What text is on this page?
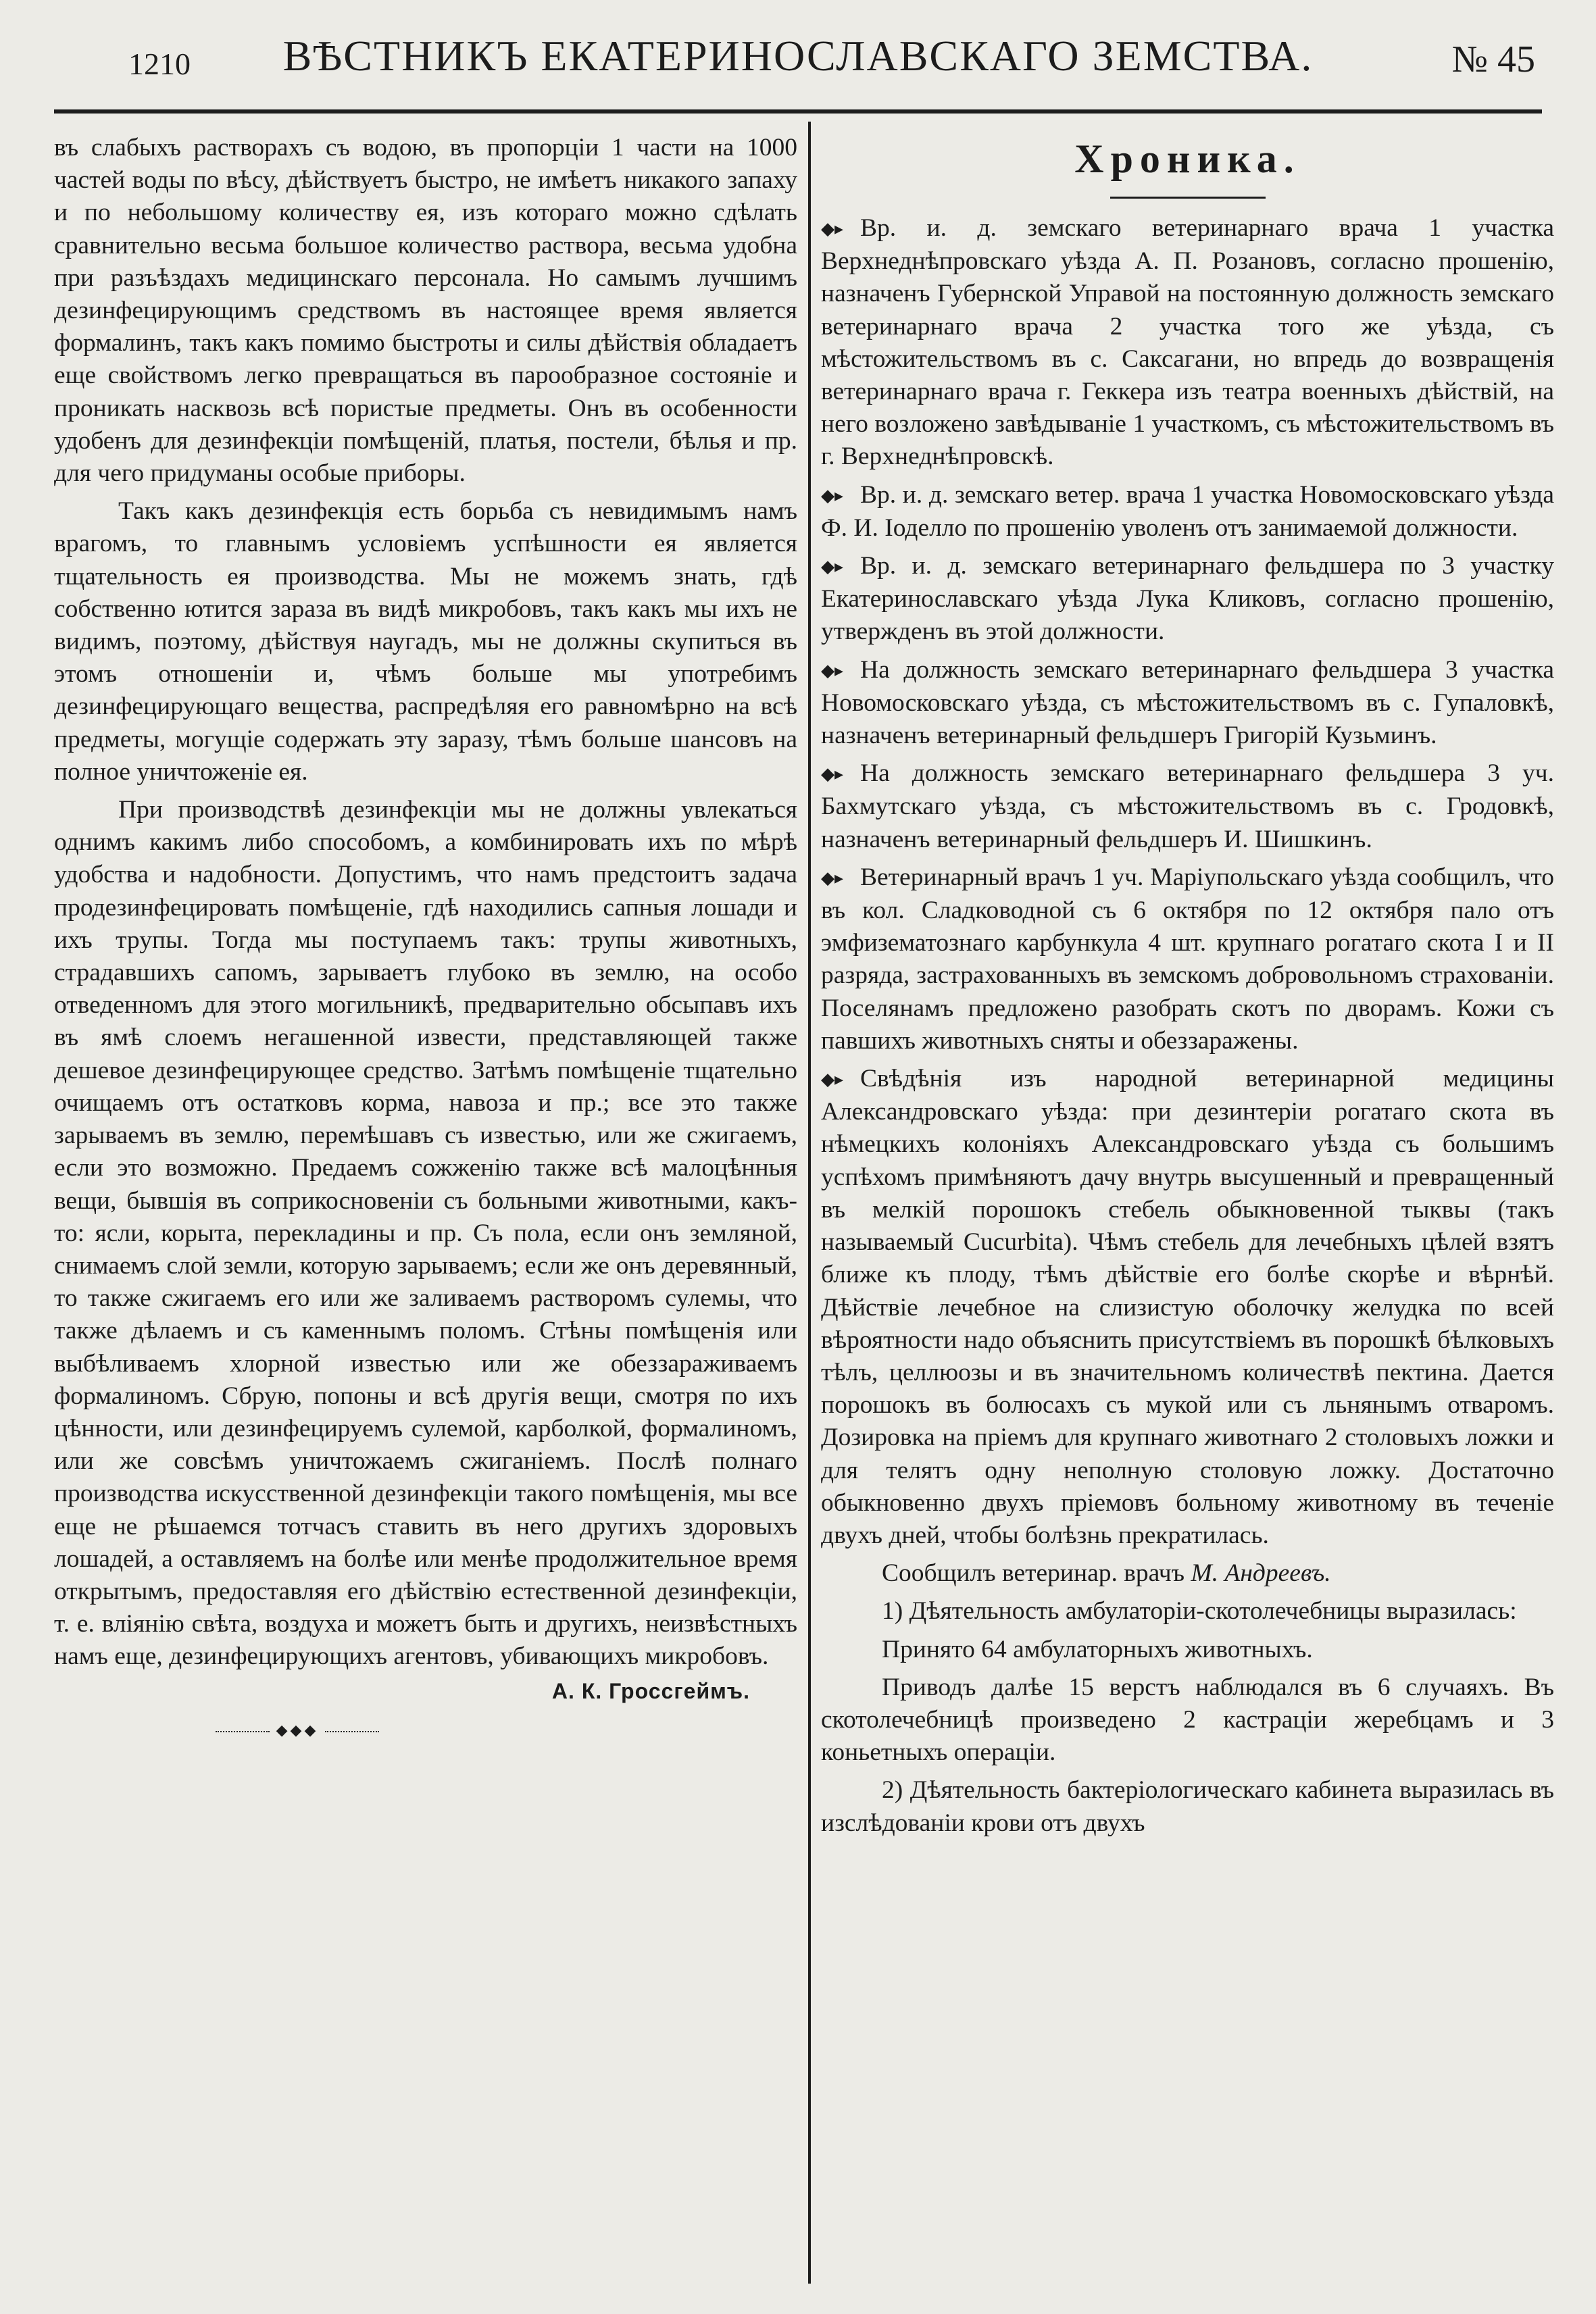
1210	ВѢСТНИКЪ ЕКАТЕРИНОСЛАВСКАГО ЗЕМСТВА.	№ 45

въ слабыхъ растворахъ съ водою, въ пропорціи 1 части на 1000 частей воды по вѣсу, дѣйствуетъ быстро, не имѣетъ никакого запаху и по небольшому количеству ея, изъ котораго можно сдѣлать сравнительно весьма большое количество раствора, весьма удобна при разъѣздахъ медицинскаго персонала. Но самымъ лучшимъ дезинфецирующимъ средствомъ въ настоящее время является формалинъ, такъ какъ помимо быстроты и силы дѣйствія обладаетъ еще свойствомъ легко превращаться въ парообразное состояніе и проникать насквозь всѣ пористые предметы. Онъ въ особенности удобенъ для дезинфекціи помѣщеній, платья, постели, бѣлья и пр. для чего придуманы особые приборы.

Такъ какъ дезинфекція есть борьба съ невидимымъ намъ врагомъ, то главнымъ условіемъ успѣшности ея является тщательность ея производства. Мы не можемъ знать, гдѣ собственно ютится зараза въ видѣ микробовъ, такъ какъ мы ихъ не видимъ, поэтому, дѣйствуя наугадъ, мы не должны скупиться въ этомъ отношеніи и, чѣмъ больше мы употребимъ дезинфецирующаго вещества, распредѣляя его равномѣрно на всѣ предметы, могущіе содержать эту заразу, тѣмъ больше шансовъ на полное уничтоженіе ея.

При производствѣ дезинфекціи мы не должны увлекаться однимъ какимъ либо способомъ, а комбинировать ихъ по мѣрѣ удобства и надобности. Допустимъ, что намъ предстоитъ задача продезинфецировать помѣщеніе, гдѣ находились сапныя лошади и ихъ трупы. Тогда мы поступаемъ такъ: трупы животныхъ, страдавшихъ сапомъ, зарываетъ глубоко въ землю, на особо отведенномъ для этого могильникѣ, предварительно обсыпавъ ихъ въ ямѣ слоемъ негашенной извести, представляющей также дешевое дезинфецирующее средство. Затѣмъ помѣщеніе тщательно очищаемъ отъ остатковъ корма, навоза и пр.; все это также зарываемъ въ землю, перемѣшавъ съ известью, или же сжигаемъ, если это возможно. Предаемъ сожженію также всѣ малоцѣнныя вещи, бывшія въ соприкосновеніи съ больными животными, какъ-то: ясли, корыта, перекладины и пр. Съ пола, если онъ земляной, снимаемъ слой земли, которую зарываемъ; если же онъ деревянный, то также сжигаемъ его или же заливаемъ растворомъ сулемы, что также дѣлаемъ и съ каменнымъ поломъ. Стѣны помѣщенія или выбѣливаемъ хлорной известью или же обеззараживаемъ формалиномъ. Сбрую, попоны и всѣ другія вещи, смотря по ихъ цѣнности, или дезинфецируемъ сулемой, карболкой, формалиномъ, или же совсѣмъ уничтожаемъ сжиганіемъ. Послѣ полнаго производства искусственной дезинфекціи такого помѣщенія, мы все еще не рѣшаемся тотчасъ ставить въ него другихъ здоровыхъ лошадей, а оставляемъ на болѣе или менѣе продолжительное время открытымъ, предоставляя его дѣйствію естественной дезинфекціи, т. е. вліянію свѣта, воздуха и можетъ быть и другихъ, неизвѣстныхъ намъ еще, дезинфецирующихъ агентовъ, убивающихъ микробовъ.

А. К. Гроссгеймъ.
◆◆◆
Хроника.

◆▸ Вр. и. д. земскаго ветеринарнаго врача 1 участка Верхнеднѣпровскаго уѣзда А. П. Розановъ, согласно прошенію, назначенъ Губернской Управой на постоянную должность земскаго ветеринарнаго врача 2 участка того же уѣзда, съ мѣстожительствомъ въ с. Саксагани, но впредь до возвращенія ветеринарнаго врача г. Геккера изъ театра военныхъ дѣйствій, на него возложено завѣдываніе 1 участкомъ, съ мѣстожительствомъ въ г. Верхнеднѣпровскѣ.

◆▸ Вр. и. д. земскаго ветер. врача 1 участка Новомосковскаго уѣзда Ф. И. Іоделло по прошенію уволенъ отъ занимаемой должности.

◆▸ Вр. и. д. земскаго ветеринарнаго фельдшера по 3 участку Екатеринославскаго уѣзда Лука Кликовъ, согласно прошенію, утвержденъ въ этой должности.

◆▸ На должность земскаго ветеринарнаго фельдшера 3 участка Новомосковскаго уѣзда, съ мѣстожительствомъ въ с. Гупаловкѣ, назначенъ ветеринарный фельдшеръ Григорій Кузьминъ.

◆▸ На должность земскаго ветеринарнаго фельдшера 3 уч. Бахмутскаго уѣзда, съ мѣстожительствомъ въ с. Гродовкѣ, назначенъ ветеринарный фельдшеръ И. Шишкинъ.

◆▸ Ветеринарный врачъ 1 уч. Маріупольскаго уѣзда сообщилъ, что въ кол. Сладководной съ 6 октября по 12 октября пало отъ эмфизематознаго карбункула 4 шт. крупнаго рогатаго скота I и II разряда, застрахованныхъ въ земскомъ добровольномъ страхованіи. Поселянамъ предложено разобрать скотъ по дворамъ. Кожи съ павшихъ животныхъ сняты и обеззаражены.

◆▸ Свѣдѣнія изъ народной ветеринарной медицины Александровскаго уѣзда: при дезинтеріи рогатаго скота въ нѣмецкихъ колоніяхъ Александровскаго уѣзда съ большимъ успѣхомъ примѣняютъ дачу внутрь высушенный и превращенный въ мелкій порошокъ стебель обыкновенной тыквы (такъ называемый Cucurbita). Чѣмъ стебель для лечебныхъ цѣлей взятъ ближе къ плоду, тѣмъ дѣйствіе его болѣе скорѣе и вѣрнѣй. Дѣйствіе лечебное на слизистую оболочку желудка по всей вѣроятности надо объяснить присутствіемъ въ порошкѣ бѣлковыхъ тѣлъ, целлюозы и въ значительномъ количествѣ пектина. Дается порошокъ въ болюсахъ съ мукой или съ льнянымъ отваромъ. Дозировка на пріемъ для крупнаго животнаго 2 столовыхъ ложки и для телятъ одну неполную столовую ложку. Достаточно обыкновенно двухъ пріемовъ больному животному въ теченіе двухъ дней, чтобы болѣзнь прекратилась.

Сообщилъ ветеринар. врачъ М. Андреевъ.

1) Дѣятельность амбулаторіи-скотолечебницы выразилась:

Принято 64 амбулаторныхъ животныхъ.

Приводъ далѣе 15 верстъ наблюдался въ 6 случаяхъ. Въ скотолечебницѣ произведено 2 кастраціи жеребцамъ и 3 коньетныхъ операціи.

2) Дѣятельность бактеріологическаго кабинета выразилась въ изслѣдованіи крови отъ двухъ
